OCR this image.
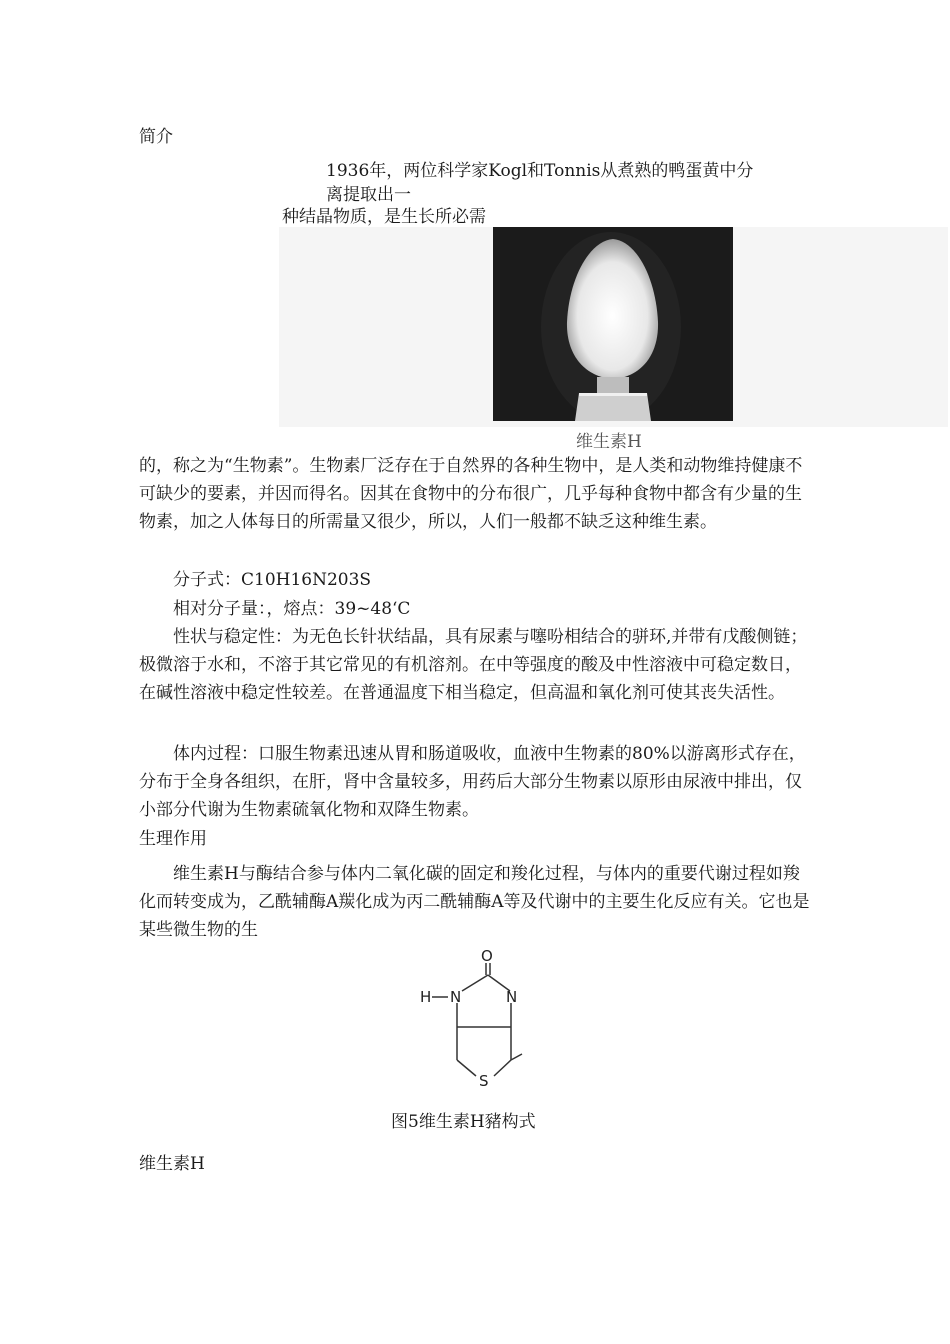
简介
1936年，两位科学家Kogl和Tonnis从煮熟的鸭蛋黄中分
离提取出一
种结晶物质，是生长所必需
维生素H

的，称之为“生物素”。生物素厂泛存在于自然界的各种生物中，是人类和动物维持健康不可缺少的要素，并因而得名。因其在食物中的分布很广，几乎每种食物中都含有少量的生物素，加之人体每日的所需量又很少，所以，人们一般都不缺乏这种维生素。

分子式：C10H16N203S
相对分子量：，熔点：39~48‘C

性状与稳定性：为无色长针状结晶，具有尿素与噻吩相结合的骈环,并带有戊酸侧链；极微溶于水和，不溶于其它常见的有机溶剂。在中等强度的酸及中性溶液中可稳定数日，在碱性溶液中稳定性较差。在普通温度下相当稳定，但高温和氧化剂可使其丧失活性。

体内过程：口服生物素迅速从胃和肠道吸收，血液中生物素的80%以游离形式存在，分布于全身各组织，在肝，肾中含量较多，用药后大部分生物素以原形由尿液中排出，仅小部分代谢为生物素硫氧化物和双降生物素。

生理作用

维生素H与酶结合参与体内二氧化碳的固定和羧化过程，与体内的重要代谢过程如羧化而转变成为，乙酰辅酶A羰化成为丙二酰辅酶A等及代谢中的主要生化反应有关。它也是某些微生物的生

O
H N	N
S
图5维生素H豬构式
维生素H
